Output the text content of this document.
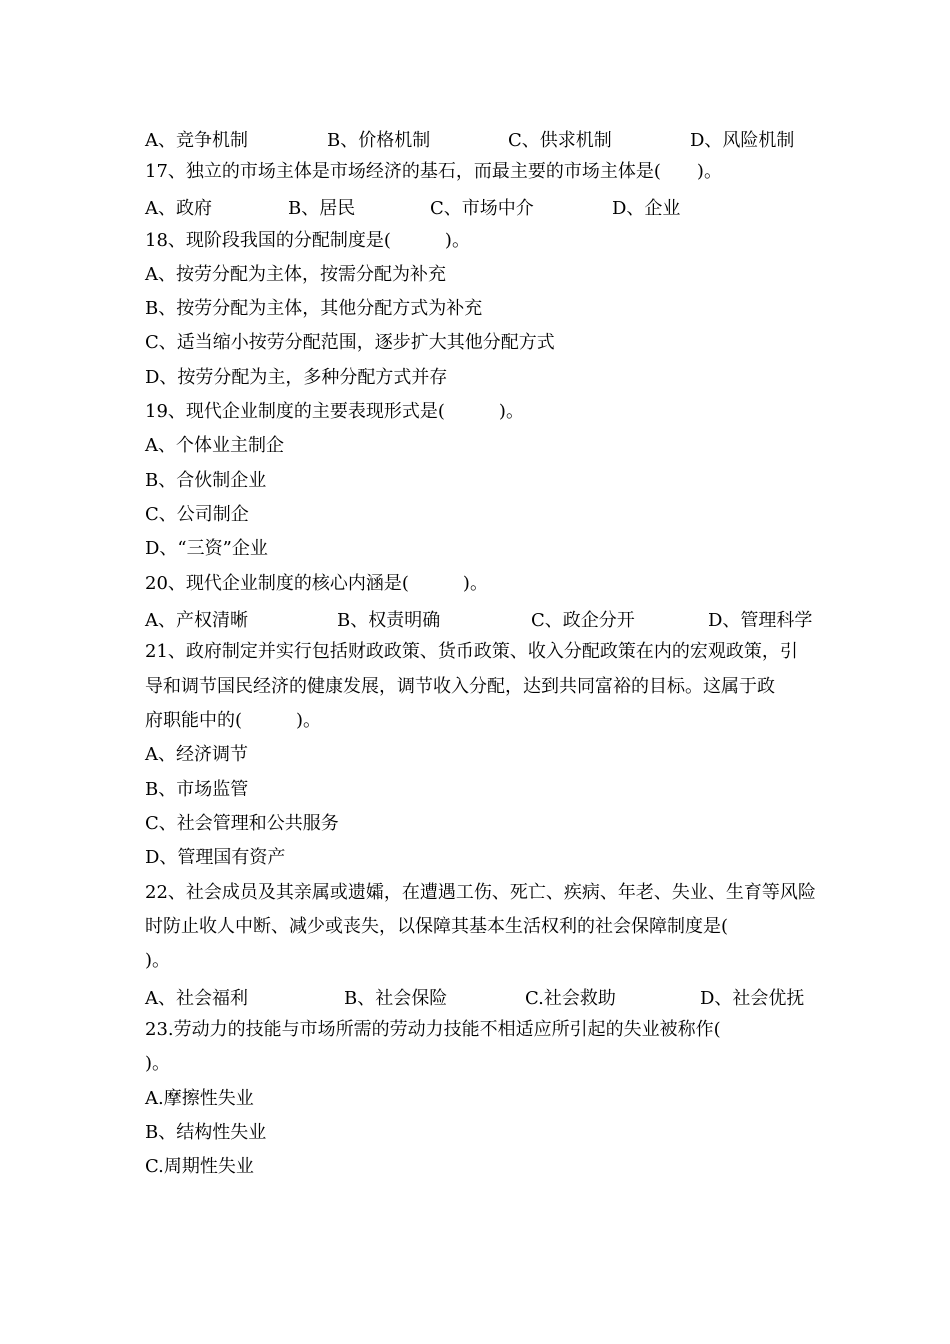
A、竞争机制	B、价格机制	C、供求机制	D、风险机制
17、独立的市场主体是市场经济的基石，而最主要的市场主体是(　　)。
A、政府	B、居民	C、市场中介	D、企业
18、现阶段我国的分配制度是(　　　)。
A、按劳分配为主体，按需分配为补充
B、按劳分配为主体，其他分配方式为补充
C、适当缩小按劳分配范围，逐步扩大其他分配方式
D、按劳分配为主，多种分配方式并存
19、现代企业制度的主要表现形式是(　　　)。
A、个体业主制企
B、合伙制企业
C、公司制企
D、“三资”企业
20、现代企业制度的核心内涵是(　　　)。
A、产权清晰	B、权责明确	C、政企分开	D、管理科学
21、政府制定并实行包括财政政策、货币政策、收入分配政策在内的宏观政策，引
导和调节国民经济的健康发展，调节收入分配，达到共同富裕的目标。这属于政
府职能中的(　　　)。
A、经济调节
B、市场监管
C、社会管理和公共服务
D、管理国有资产
22、社会成员及其亲属或遗孀，在遭遇工伤、死亡、疾病、年老、失业、生育等风险
时防止收人中断、减少或丧失，以保障其基本生活权利的社会保障制度是(
)。
A、社会福利	B、社会保险	C.社会救助	D、社会优抚
23.劳动力的技能与市场所需的劳动力技能不相适应所引起的失业被称作(
)。
A.摩擦性失业
B、结构性失业
C.周期性失业
